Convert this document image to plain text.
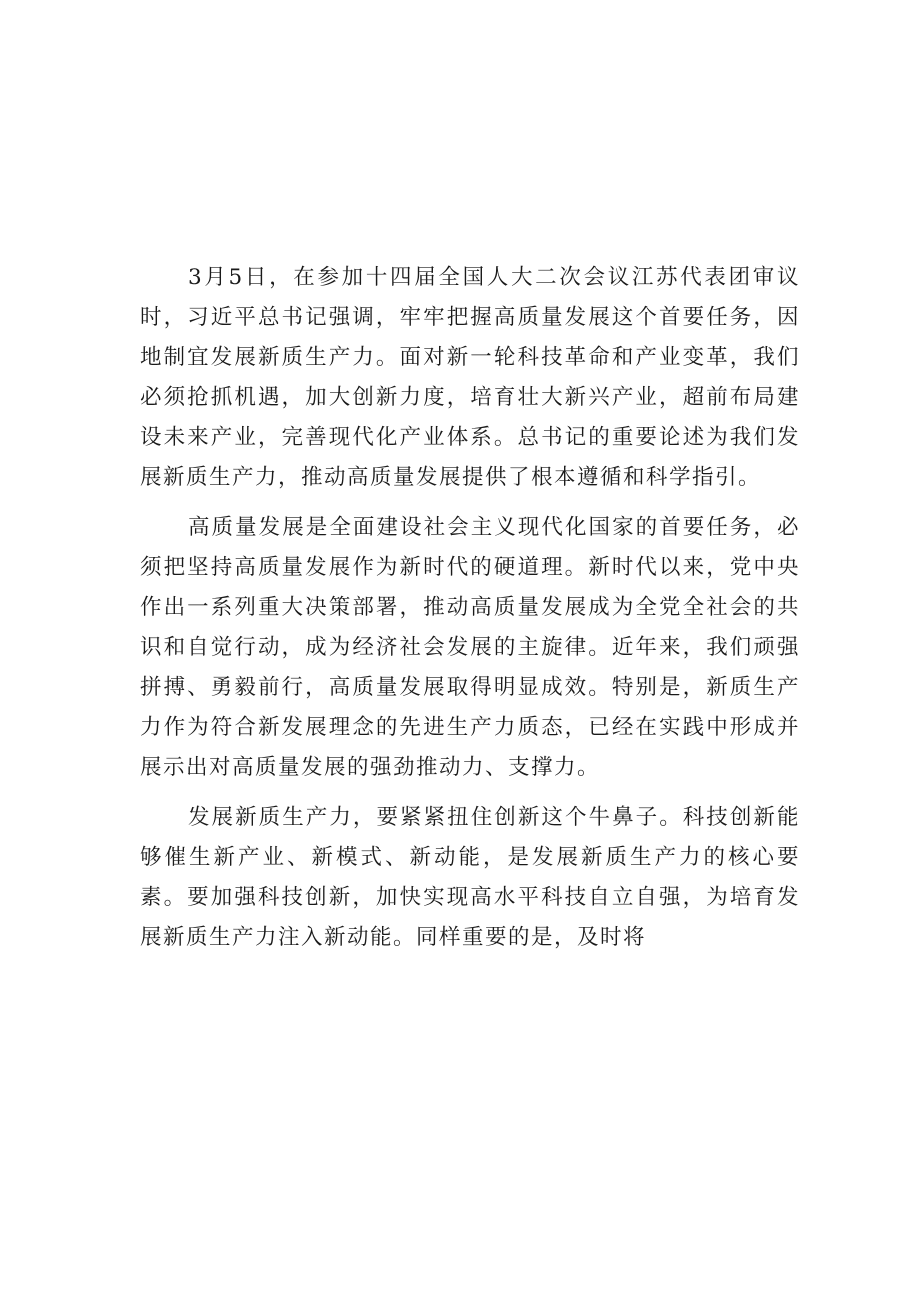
3月5日，在参加十四届全国人大二次会议江苏代表团审议时，习近平总书记强调，牢牢把握高质量发展这个首要任务，因地制宜发展新质生产力。面对新一轮科技革命和产业变革，我们必须抢抓机遇，加大创新力度，培育壮大新兴产业，超前布局建设未来产业，完善现代化产业体系。总书记的重要论述为我们发展新质生产力，推动高质量发展提供了根本遵循和科学指引。

高质量发展是全面建设社会主义现代化国家的首要任务，必须把坚持高质量发展作为新时代的硬道理。新时代以来，党中央作出一系列重大决策部署，推动高质量发展成为全党全社会的共识和自觉行动，成为经济社会发展的主旋律。近年来，我们顽强拼搏、勇毅前行，高质量发展取得明显成效。特别是，新质生产力作为符合新发展理念的先进生产力质态，已经在实践中形成并展示出对高质量发展的强劲推动力、支撑力。

发展新质生产力，要紧紧扭住创新这个牛鼻子。科技创新能够催生新产业、新模式、新动能，是发展新质生产力的核心要素。要加强科技创新，加快实现高水平科技自立自强，为培育发展新质生产力注入新动能。同样重要的是，及时将
